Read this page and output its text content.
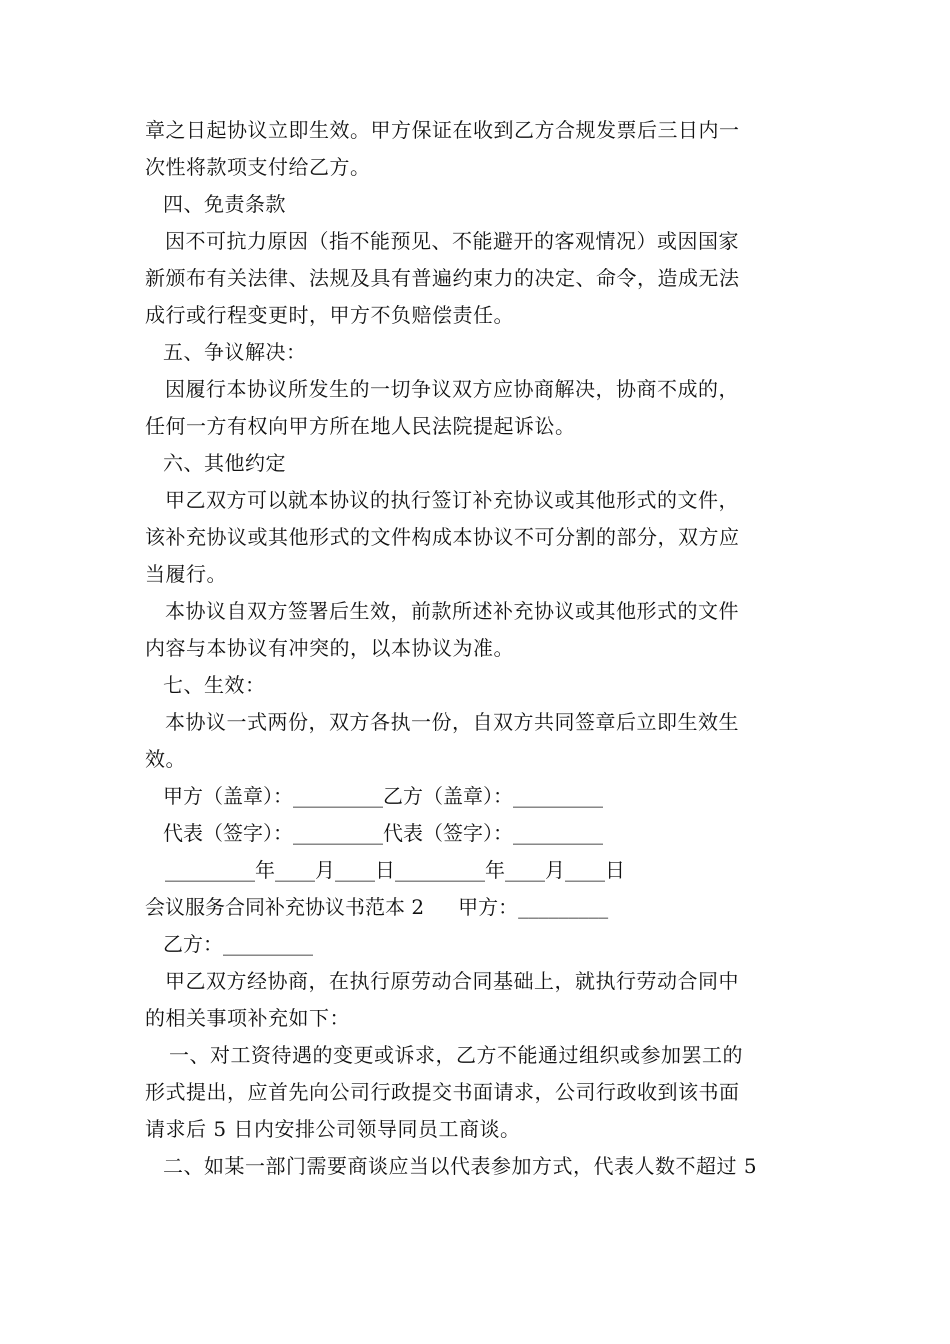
章之日起协议立即生效。甲方保证在收到乙方合规发票后三日内一
次性将款项支付给乙方。
四、免责条款
因不可抗力原因（指不能预见、不能避开的客观情况）或因国家
新颁布有关法律、法规及具有普遍约束力的决定、命令，造成无法
成行或行程变更时，甲方不负赔偿责任。
五、争议解决：
因履行本协议所发生的一切争议双方应协商解决，协商不成的，
任何一方有权向甲方所在地人民法院提起诉讼。
六、其他约定
甲乙双方可以就本协议的执行签订补充协议或其他形式的文件，
该补充协议或其他形式的文件构成本协议不可分割的部分，双方应
当履行。
本协议自双方签署后生效，前款所述补充协议或其他形式的文件
内容与本协议有冲突的，以本协议为准。
七、生效：
本协议一式两份，双方各执一份，自双方共同签章后立即生效生
效。
甲方（盖章）：_________乙方（盖章）：_________
代表（签字）：_________代表（签字）：_________
_________年____月____日_________年____月____日
会议服务合同补充协议书范本 2 甲方：_________
乙方：_________
甲乙双方经协商，在执行原劳动合同基础上，就执行劳动合同中
的相关事项补充如下：
一、对工资待遇的变更或诉求，乙方不能通过组织或参加罢工的
形式提出，应首先向公司行政提交书面请求，公司行政收到该书面
请求后 5 日内安排公司领导同员工商谈。
二、如某一部门需要商谈应当以代表参加方式，代表人数不超过 5
